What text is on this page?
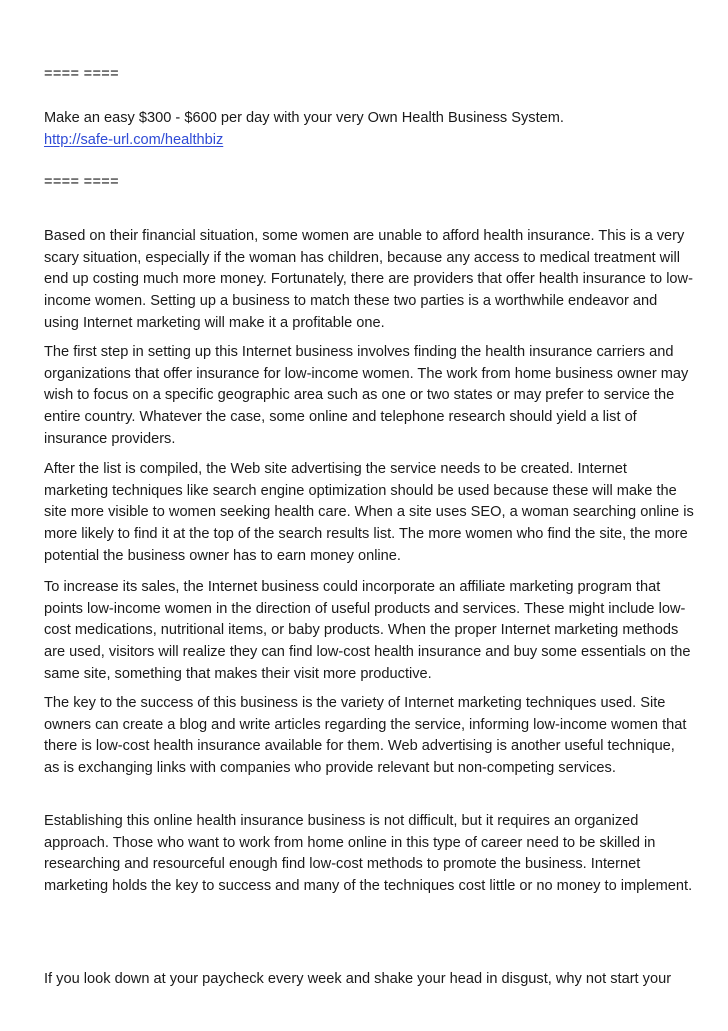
==== ====
Make an easy $300 - $600 per day with your very Own Health Business System.
http://safe-url.com/healthbiz
==== ====

Based on their financial situation, some women are unable to afford health insurance. This is a very scary situation, especially if the woman has children, because any access to medical treatment will end up costing much more money. Fortunately, there are providers that offer health insurance to low-income women. Setting up a business to match these two parties is a worthwhile endeavor and using Internet marketing will make it a profitable one.

The first step in setting up this Internet business involves finding the health insurance carriers and organizations that offer insurance for low-income women. The work from home business owner may wish to focus on a specific geographic area such as one or two states or may prefer to service the entire country. Whatever the case, some online and telephone research should yield a list of insurance providers.

After the list is compiled, the Web site advertising the service needs to be created. Internet marketing techniques like search engine optimization should be used because these will make the site more visible to women seeking health care. When a site uses SEO, a woman searching online is more likely to find it at the top of the search results list. The more women who find the site, the more potential the business owner has to earn money online.

To increase its sales, the Internet business could incorporate an affiliate marketing program that points low-income women in the direction of useful products and services. These might include low-cost medications, nutritional items, or baby products. When the proper Internet marketing methods are used, visitors will realize they can find low-cost health insurance and buy some essentials on the same site, something that makes their visit more productive.

The key to the success of this business is the variety of Internet marketing techniques used. Site owners can create a blog and write articles regarding the service, informing low-income women that there is low-cost health insurance available for them. Web advertising is another useful technique, as is exchanging links with companies who provide relevant but non-competing services.

Establishing this online health insurance business is not difficult, but it requires an organized approach. Those who want to work from home online in this type of career need to be skilled in researching and resourceful enough find low-cost methods to promote the business. Internet marketing holds the key to success and many of the techniques cost little or no money to implement.

If you look down at your paycheck every week and shake your head in disgust, why not start your
